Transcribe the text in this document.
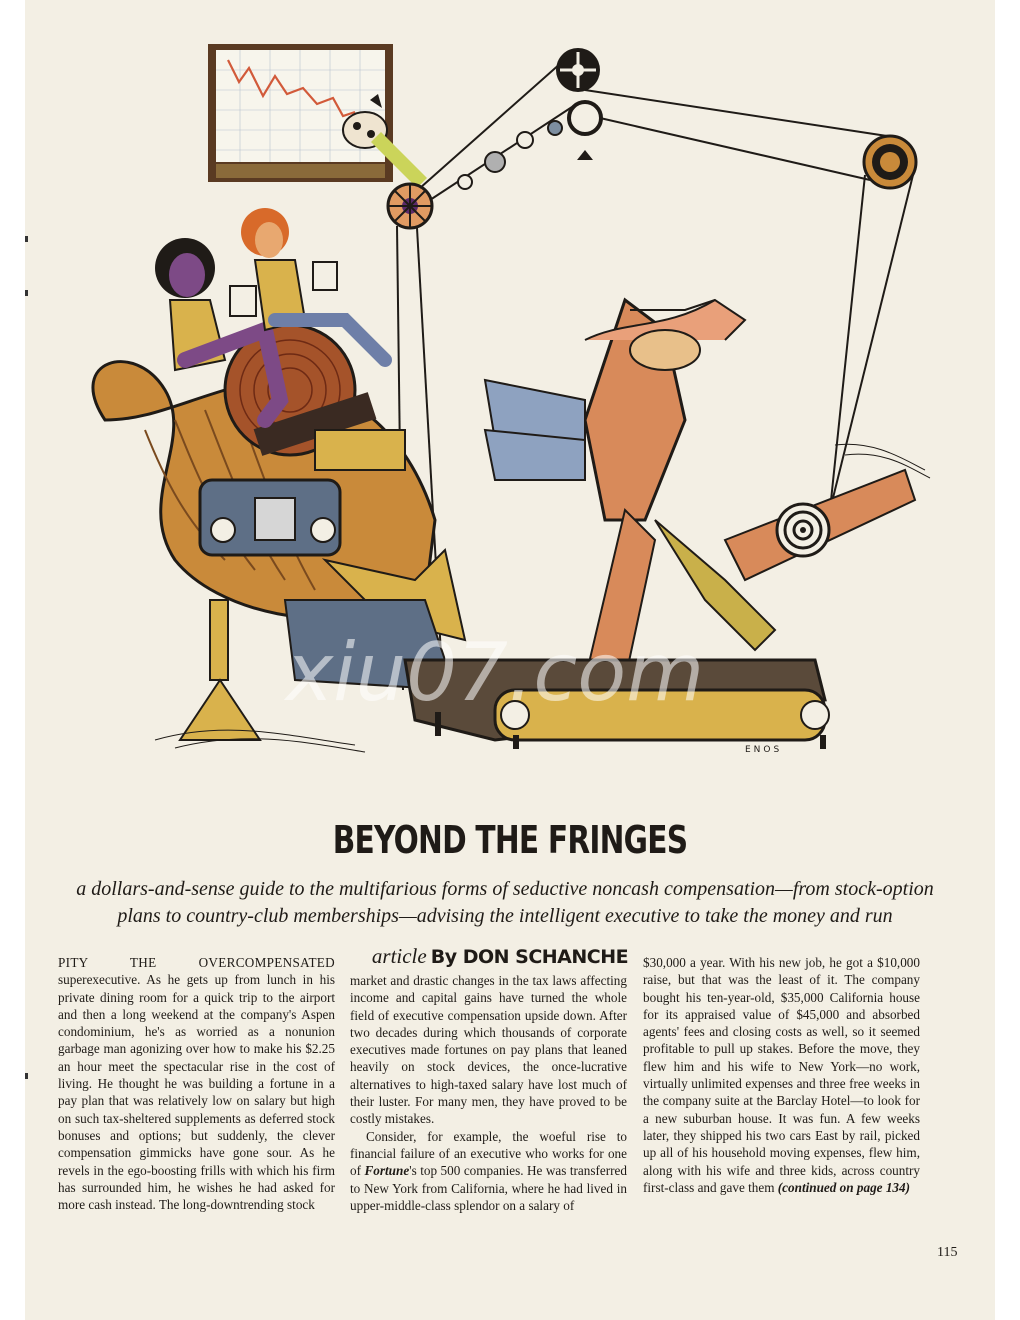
xiu07.com
ENOS
BEYOND THE FRINGES
a dollars-and-sense guide to the multifarious forms of seductive noncash compensation—from stock-option plans to country-club memberships—advising the intelligent executive to take the money and run
article By DON SCHANCHE

PITY THE OVERCOMPENSATED superexecutive. As he gets up from lunch in his private dining room for a quick trip to the airport and then a long weekend at the company's Aspen condominium, he's as worried as a nonunion garbage man agonizing over how to make his $2.25 an hour meet the spectacular rise in the cost of living. He thought he was building a fortune in a pay plan that was relatively low on salary but high on such tax-sheltered supplements as deferred stock bonuses and options; but suddenly, the clever compensation gimmicks have gone sour. As he revels in the ego-boosting frills with which his firm has surrounded him, he wishes he had asked for more cash instead. The long-downtrending stock

market and drastic changes in the tax laws affecting income and capital gains have turned the whole field of executive compensation upside down. After two decades during which thousands of corporate executives made fortunes on pay plans that leaned heavily on stock devices, the once-lucrative alternatives to high-taxed salary have lost much of their luster. For many men, they have proved to be costly mistakes.

Consider, for example, the woeful rise to financial failure of an executive who works for one of Fortune's top 500 companies. He was transferred to New York from California, where he had lived in upper-middle-class splendor on a salary of

$30,000 a year. With his new job, he got a $10,000 raise, but that was the least of it. The company bought his ten-year-old, $35,000 California house for its appraised value of $45,000 and absorbed agents' fees and closing costs as well, so it seemed profitable to pull up stakes. Before the move, they flew him and his wife to New York—no work, virtually unlimited expenses and three free weeks in the company suite at the Barclay Hotel—to look for a new suburban house. It was fun. A few weeks later, they shipped his two cars East by rail, picked up all of his household moving expenses, flew him, along with his wife and three kids, across country first-class and gave them (continued on page 134)

115
